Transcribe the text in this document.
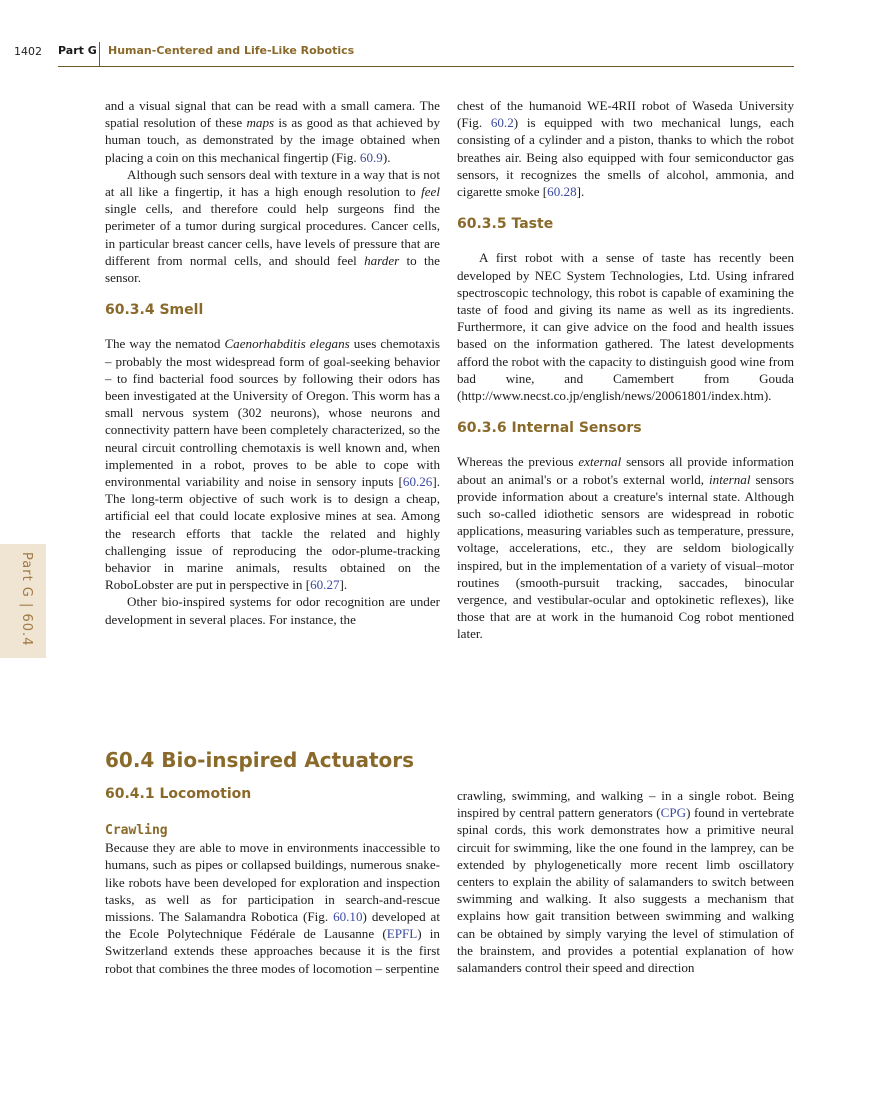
1402 Part G Human-Centered and Life-Like Robotics
Part G | 60.4

and a visual signal that can be read with a small camera. The spatial resolution of these maps is as good as that achieved by human touch, as demonstrated by the image obtained when placing a coin on this mechanical fingertip (Fig. 60.9).

Although such sensors deal with texture in a way that is not at all like a fingertip, it has a high enough resolution to feel single cells, and therefore could help surgeons find the perimeter of a tumor during surgical procedures. Cancer cells, in particular breast cancer cells, have levels of pressure that are different from normal cells, and should feel harder to the sensor.

60.3.4 Smell

The way the nematod Caenorhabditis elegans uses chemotaxis – probably the most widespread form of goal-seeking behavior – to find bacterial food sources by following their odors has been investigated at the University of Oregon. This worm has a small nervous system (302 neurons), whose neurons and connectivity pattern have been completely characterized, so the neural circuit controlling chemotaxis is well known and, when implemented in a robot, proves to be able to cope with environmental variability and noise in sensory inputs [60.26]. The long-term objective of such work is to design a cheap, artificial eel that could locate explosive mines at sea. Among the research efforts that tackle the related and highly challenging issue of reproducing the odor-plume-tracking behavior in marine animals, results obtained on the RoboLobster are put in perspective in [60.27].

Other bio-inspired systems for odor recognition are under development in several places. For instance, the

chest of the humanoid WE-4RII robot of Waseda University (Fig. 60.2) is equipped with two mechanical lungs, each consisting of a cylinder and a piston, thanks to which the robot breathes air. Being also equipped with four semiconductor gas sensors, it recognizes the smells of alcohol, ammonia, and cigarette smoke [60.28].

60.3.5 Taste

A first robot with a sense of taste has recently been developed by NEC System Technologies, Ltd. Using infrared spectroscopic technology, this robot is capable of examining the taste of food and giving its name as well as its ingredients. Furthermore, it can give advice on the food and health issues based on the information gathered. The latest developments afford the robot with the capacity to distinguish good wine from bad wine, and Camembert from Gouda (http://www.necst.co.jp/english/news/20061801/index.htm).

60.3.6 Internal Sensors

Whereas the previous external sensors all provide information about an animal's or a robot's external world, internal sensors provide information about a creature's internal state. Although such so-called idiothetic sensors are widespread in robotic applications, measuring variables such as temperature, pressure, voltage, accelerations, etc., they are seldom biologically inspired, but in the implementation of a variety of visual–motor routines (smooth-pursuit tracking, saccades, binocular vergence, and vestibular-ocular and optokinetic reflexes), like those that are at work in the humanoid Cog robot mentioned later.

60.4 Bio-inspired Actuators
60.4.1 Locomotion
Crawling

Because they are able to move in environments inaccessible to humans, such as pipes or collapsed buildings, numerous snake-like robots have been developed for exploration and inspection tasks, as well as for participation in search-and-rescue missions. The Salamandra Robotica (Fig. 60.10) developed at the Ecole Polytechnique Fédérale de Lausanne (EPFL) in Switzerland extends these approaches because it is the first robot that combines the three modes of locomotion – serpentine

crawling, swimming, and walking – in a single robot. Being inspired by central pattern generators (CPG) found in vertebrate spinal cords, this work demonstrates how a primitive neural circuit for swimming, like the one found in the lamprey, can be extended by phylogenetically more recent limb oscillatory centers to explain the ability of salamanders to switch between swimming and walking. It also suggests a mechanism that explains how gait transition between swimming and walking can be obtained by simply varying the level of stimulation of the brainstem, and provides a potential explanation of how salamanders control their speed and direction
